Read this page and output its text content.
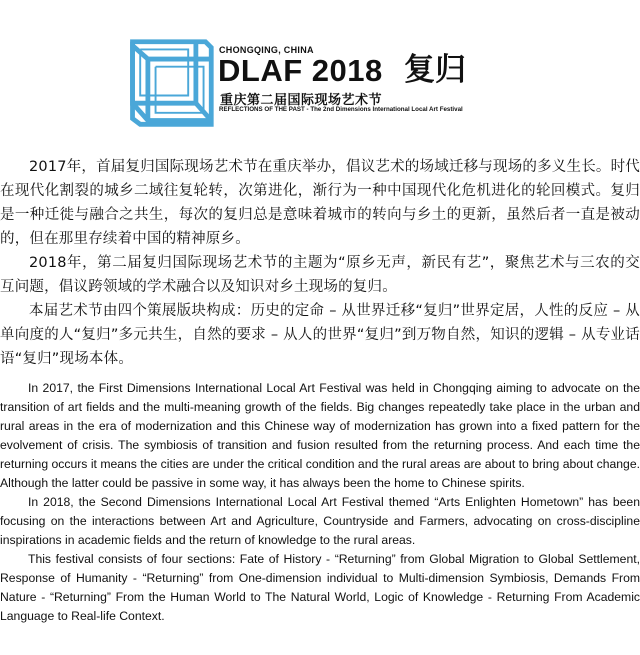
CHONGQING, CHINA
DLAF 2018 复归
重庆第二届国际现场艺术节
REFLECTIONS OF THE PAST - The 2nd Dimensions International Local Art Festival

2017年，首届复归国际现场艺术节在重庆举办，倡议艺术的场域迁移与现场的多义生长。时代在现代化割裂的城乡二域往复轮转，次第进化，渐行为一种中国现代化危机进化的轮回模式。复归是一种迁徙与融合之共生，每次的复归总是意味着城市的转向与乡土的更新，虽然后者一直是被动的，但在那里存续着中国的精神原乡。

2018年，第二届复归国际现场艺术节的主题为“原乡无声，新民有艺”，聚焦艺术与三农的交互问题，倡议跨领域的学术融合以及知识对乡土现场的复归。

本届艺术节由四个策展版块构成：历史的定命 – 从世界迁移“复归”世界定居，人性的反应 – 从单向度的人“复归”多元共生，自然的要求 – 从人的世界“复归”到万物自然，知识的逻辑 – 从专业话语“复归”现场本体。

In 2017, the First Dimensions International Local Art Festival was held in Chongqing aiming to advocate on the transition of art fields and the multi-meaning growth of the fields. Big changes repeatedly take place in the urban and rural areas in the era of modernization and this Chinese way of modernization has grown into a fixed pattern for the evolvement of crisis. The symbiosis of transition and fusion resulted from the returning process. And each time the returning occurs it means the cities are under the critical condition and the rural areas are about to bring about change. Although the latter could be passive in some way, it has always been the home to Chinese spirits.

In 2018, the Second Dimensions International Local Art Festival themed “Arts Enlighten Hometown” has been focusing on the interactions between Art and Agriculture, Countryside and Farmers, advocating on cross-discipline inspirations in academic fields and the return of knowledge to the rural areas.

This festival consists of four sections: Fate of History - “Returning” from Global Migration to Global Settlement, Response of Humanity - “Returning” from One-dimension individual to Multi-dimension Symbiosis, Demands From Nature - “Returning” From the Human World to The Natural World, Logic of Knowledge - Returning From Academic Language to Real-life Context.
